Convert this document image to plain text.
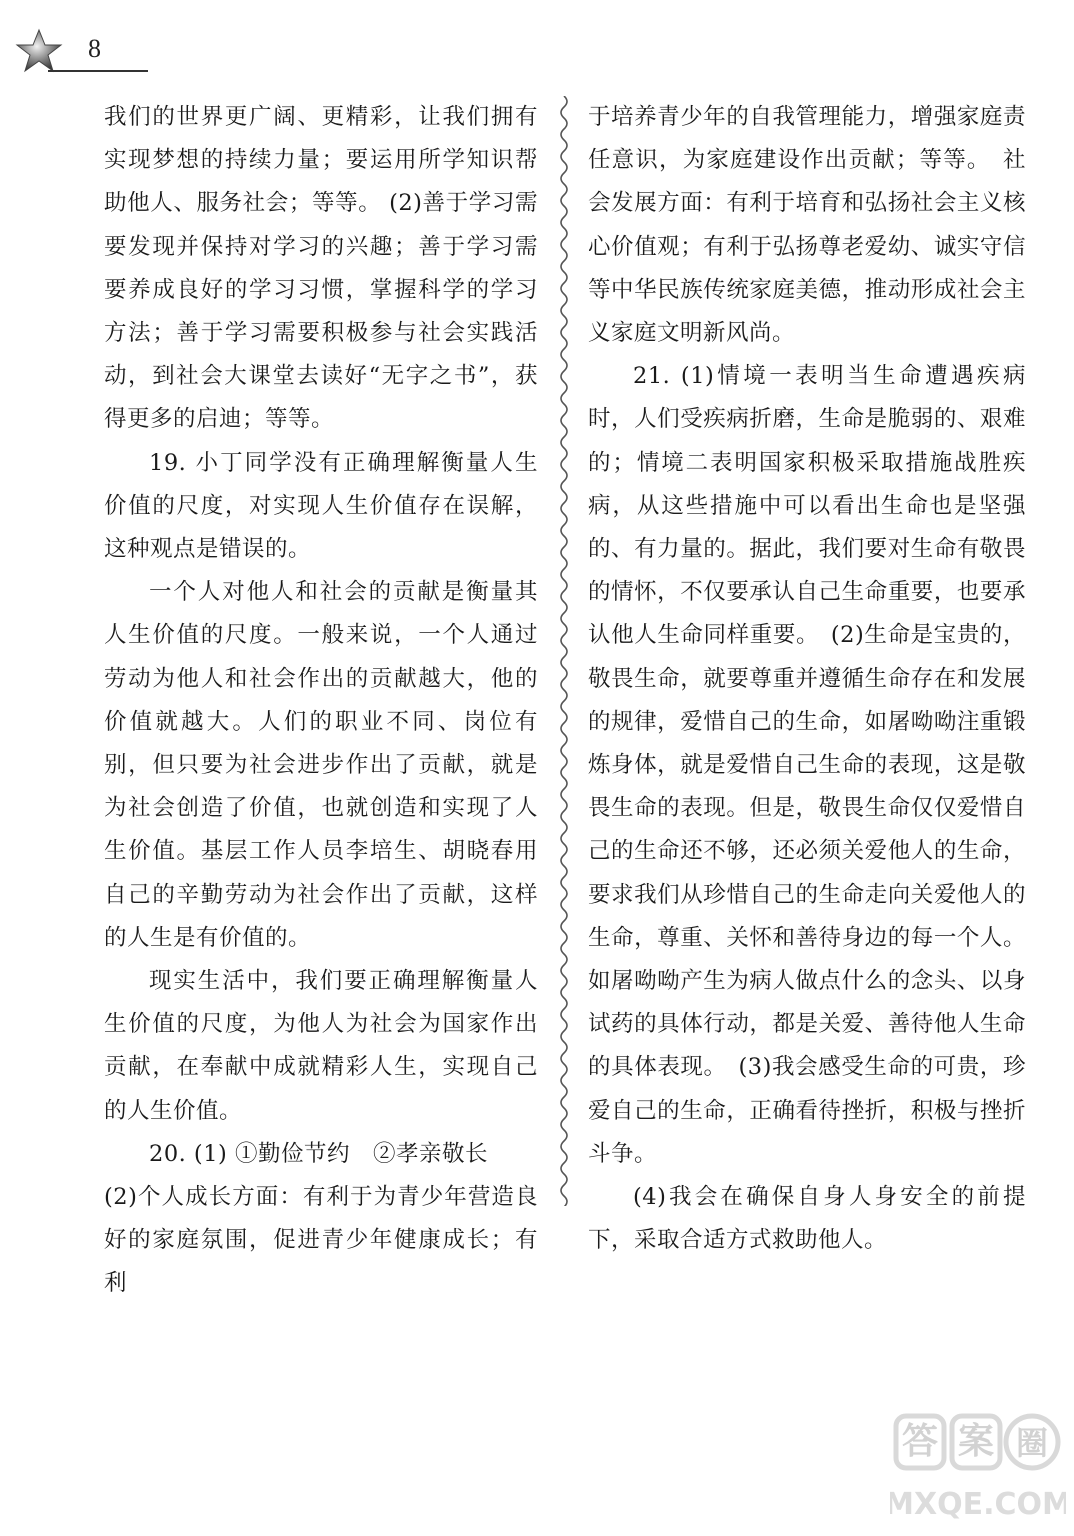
8

我们的世界更广阔、更精彩，让我们拥有实现梦想的持续力量；要运用所学知识帮助他人、服务社会；等等。 (2)善于学习需要发现并保持对学习的兴趣；善于学习需要养成良好的学习习惯，掌握科学的学习方法；善于学习需要积极参与社会实践活动，到社会大课堂去读好“无字之书”，获得更多的启迪；等等。

19. 小丁同学没有正确理解衡量人生价值的尺度，对实现人生价值存在误解，这种观点是错误的。

一个人对他人和社会的贡献是衡量其人生价值的尺度。一般来说，一个人通过劳动为他人和社会作出的贡献越大，他的价值就越大。人们的职业不同、岗位有别，但只要为社会进步作出了贡献，就是为社会创造了价值，也就创造和实现了人生价值。基层工作人员李培生、胡晓春用自己的辛勤劳动为社会作出了贡献，这样的人生是有价值的。

现实生活中，我们要正确理解衡量人生价值的尺度，为他人为社会为国家作出贡献，在奉献中成就精彩人生，实现自己的人生价值。

20. (1) ①勤俭节约　②孝亲敬长

(2)个人成长方面：有利于为青少年营造良好的家庭氛围，促进青少年健康成长；有利

于培养青少年的自我管理能力，增强家庭责任意识，为家庭建设作出贡献；等等。　社会发展方面：有利于培育和弘扬社会主义核心价值观；有利于弘扬尊老爱幼、诚实守信等中华民族传统家庭美德，推动形成社会主义家庭文明新风尚。

21. (1)情境一表明当生命遭遇疾病时，人们受疾病折磨，生命是脆弱的、艰难的；情境二表明国家积极采取措施战胜疾病，从这些措施中可以看出生命也是坚强的、有力量的。据此，我们要对生命有敬畏的情怀，不仅要承认自己生命重要，也要承认他人生命同样重要。　(2)生命是宝贵的，敬畏生命，就要尊重并遵循生命存在和发展的规律，爱惜自己的生命，如屠呦呦注重锻炼身体，就是爱惜自己生命的表现，这是敬畏生命的表现。但是，敬畏生命仅仅爱惜自己的生命还不够，还必须关爱他人的生命，要求我们从珍惜自己的生命走向关爱他人的生命，尊重、关怀和善待身边的每一个人。如屠呦呦产生为病人做点什么的念头、以身试药的具体行动，都是关爱、善待他人生命的具体表现。　(3)我会感受生命的可贵，珍爱自己的生命，正确看待挫折，积极与挫折斗争。

(4)我会在确保自身人身安全的前提下，采取合适方式救助他人。

答 案 圈
MXQE.COM
